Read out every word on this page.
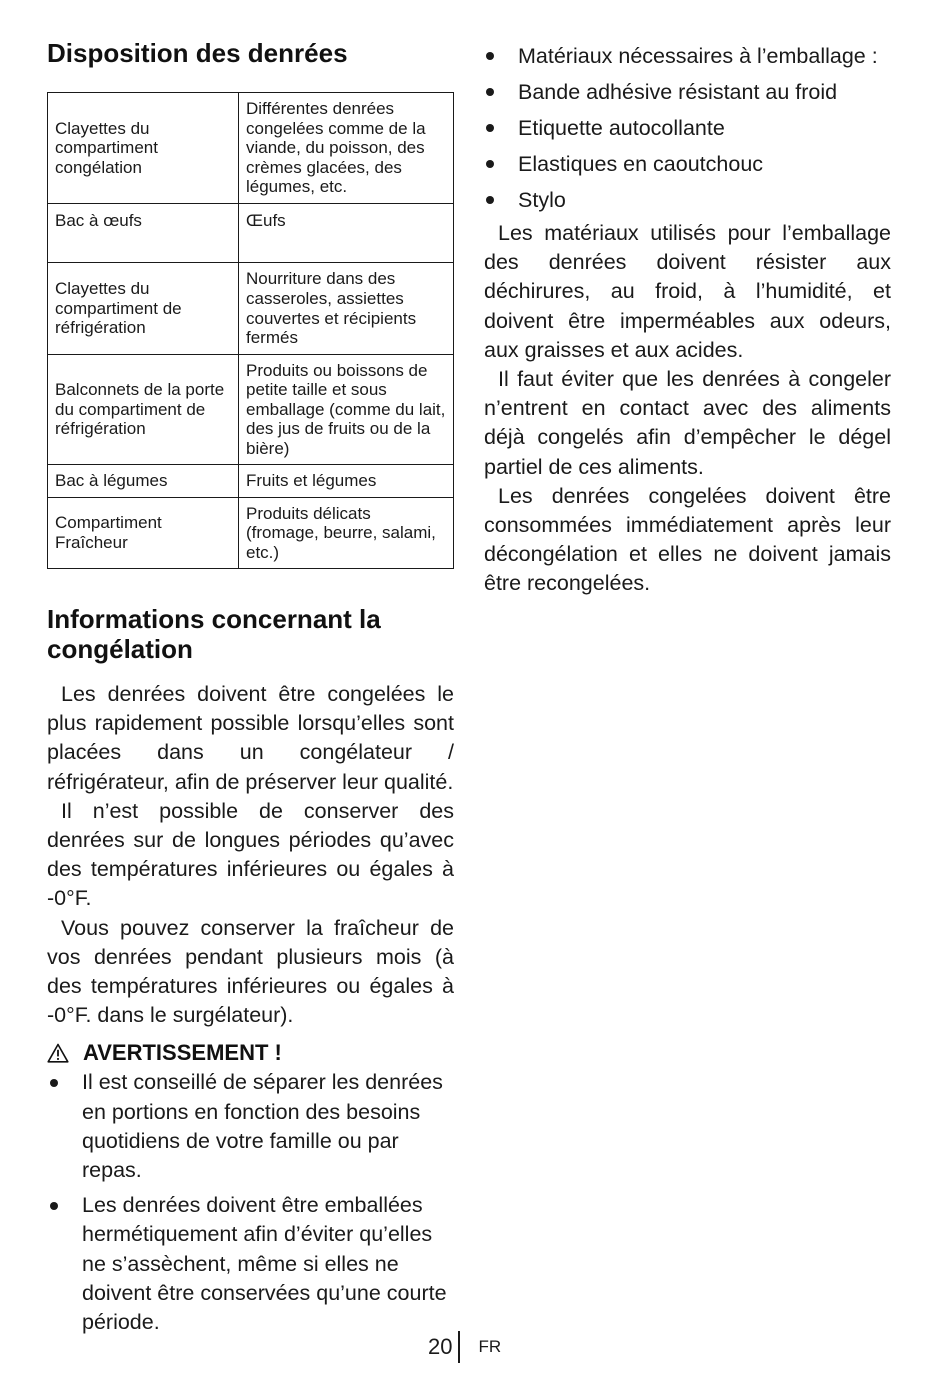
Disposition des denrées
Clayettes du compartiment congélation	Différentes denrées congelées comme de la viande, du poisson, des crèmes glacées, des légumes, etc.
Bac à œufs	Œufs
Clayettes du compartiment de réfrigération	Nourriture dans des casseroles, assiettes couvertes et récipients fermés
Balconnets de la porte du compartiment de réfrigération	Produits ou boissons de petite taille et sous emballage (comme du lait, des jus de fruits ou de la bière)
Bac à légumes	Fruits et légumes
Compartiment Fraîcheur	Produits délicats (fromage, beurre, salami, etc.)
Informations concernant la congélation

Les denrées doivent être congelées le plus rapidement possible lorsqu’elles sont placées dans un congélateur / réfrigérateur, afin de préserver leur qualité.

Il n’est possible de conserver des denrées sur de longues périodes qu’avec des températures inférieures ou égales à -0°F.

Vous pouvez conserver la fraîcheur de vos denrées pendant plusieurs mois (à des températures inférieures ou égales à -0°F. dans le surgélateur).

AVERTISSEMENT !
Il est conseillé de séparer les denrées en portions en fonction des besoins quotidiens de votre famille ou par repas.
Les denrées doivent être emballées hermétiquement afin d’éviter qu’elles ne s’assèchent, même si elles ne doivent être conservées qu’une courte période.
Matériaux nécessaires à l’emballage :
Bande adhésive résistant au froid
Etiquette autocollante
Elastiques en caoutchouc
Stylo

Les matériaux utilisés pour l’emballage des denrées doivent résister aux déchirures, au froid, à l’humidité, et doivent être imperméables aux odeurs, aux graisses et aux acides.

Il faut éviter que les denrées à congeler n’entrent en contact avec des aliments déjà congelés afin d’empêcher le dégel partiel de ces aliments.

Les denrées congelées doivent être consommées immédiatement après leur décongélation et elles ne doivent jamais être recongelées.

20 FR
